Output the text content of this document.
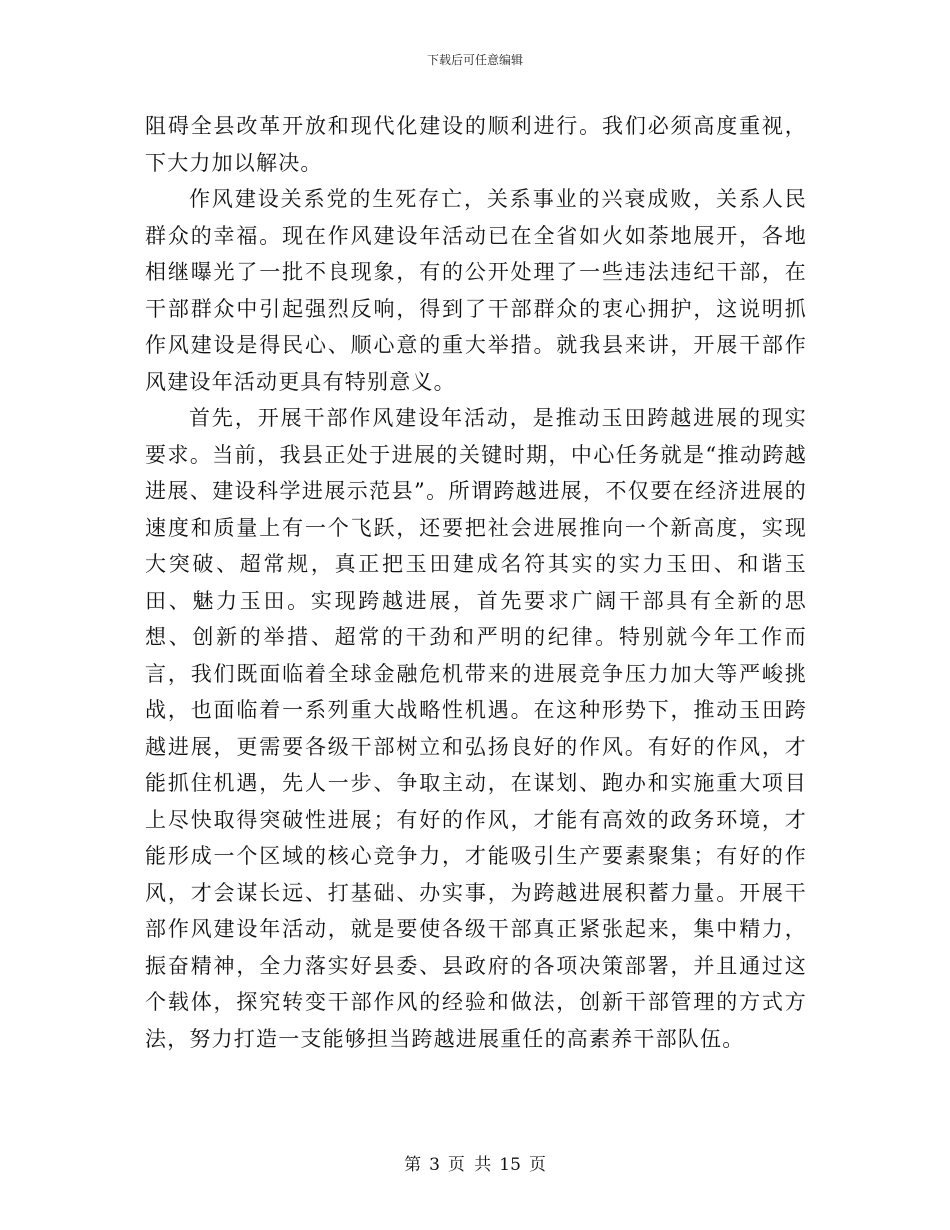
下载后可任意编辑

阻碍全县改革开放和现代化建设的顺利进行。我们必须高度重视，下大力加以解决。

作风建设关系党的生死存亡，关系事业的兴衰成败，关系人民群众的幸福。现在作风建设年活动已在全省如火如荼地展开，各地相继曝光了一批不良现象，有的公开处理了一些违法违纪干部，在干部群众中引起强烈反响，得到了干部群众的衷心拥护，这说明抓作风建设是得民心、顺心意的重大举措。就我县来讲，开展干部作风建设年活动更具有特别意义。

首先，开展干部作风建设年活动，是推动玉田跨越进展的现实要求。当前，我县正处于进展的关键时期，中心任务就是“推动跨越进展、建设科学进展示范县”。所谓跨越进展，不仅要在经济进展的速度和质量上有一个飞跃，还要把社会进展推向一个新高度，实现大突破、超常规，真正把玉田建成名符其实的实力玉田、和谐玉田、魅力玉田。实现跨越进展，首先要求广阔干部具有全新的思想、创新的举措、超常的干劲和严明的纪律。特别就今年工作而言，我们既面临着全球金融危机带来的进展竞争压力加大等严峻挑战，也面临着一系列重大战略性机遇。在这种形势下，推动玉田跨越进展，更需要各级干部树立和弘扬良好的作风。有好的作风，才能抓住机遇，先人一步、争取主动，在谋划、跑办和实施重大项目上尽快取得突破性进展；有好的作风，才能有高效的政务环境，才能形成一个区域的核心竞争力，才能吸引生产要素聚集；有好的作风，才会谋长远、打基础、办实事，为跨越进展积蓄力量。开展干部作风建设年活动，就是要使各级干部真正紧张起来，集中精力，振奋精神，全力落实好县委、县政府的各项决策部署，并且通过这个载体，探究转变干部作风的经验和做法，创新干部管理的方式方法，努力打造一支能够担当跨越进展重任的高素养干部队伍。

第 3 页 共 15 页
